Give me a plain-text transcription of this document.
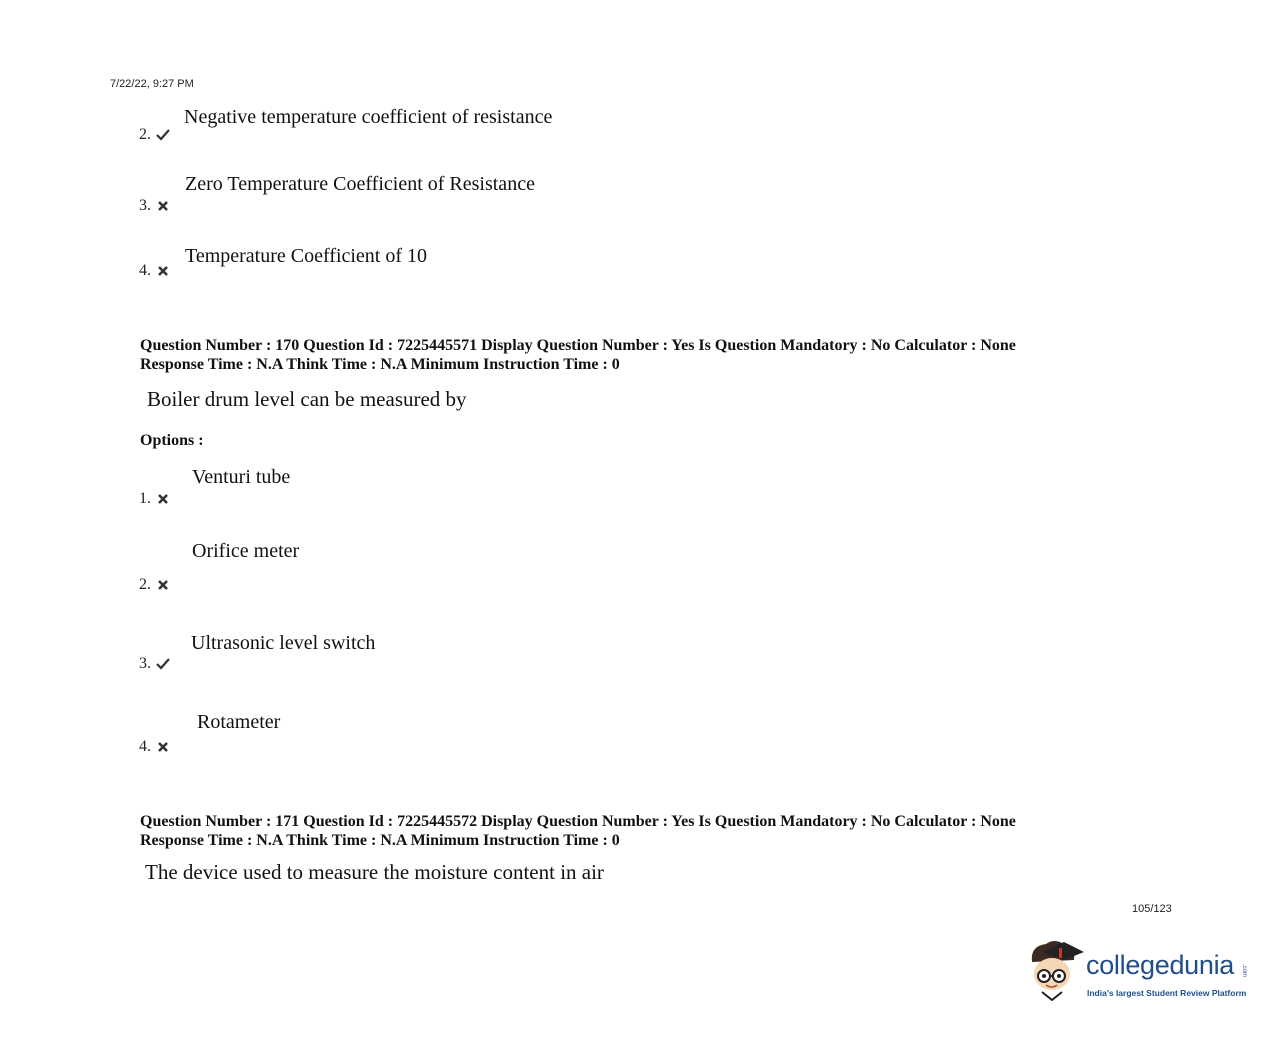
7/22/22, 9:27 PM
2.
Negative temperature coefficient of resistance
3.
Zero Temperature Coefficient of Resistance
4.
Temperature Coefficient of 10
Question Number : 170 Question Id : 7225445571 Display Question Number : Yes Is Question Mandatory : No Calculator : None
Response Time : N.A Think Time : N.A Minimum Instruction Time : 0
Boiler drum level can be measured by
Options :
1.
Venturi tube
2.
Orifice meter
3.
Ultrasonic level switch
4.
Rotameter
Question Number : 171 Question Id : 7225445572 Display Question Number : Yes Is Question Mandatory : No Calculator : None
Response Time : N.A Think Time : N.A Minimum Instruction Time : 0
The device used to measure the moisture content in air
105/123
collegedunia .com
India's largest Student Review Platform
